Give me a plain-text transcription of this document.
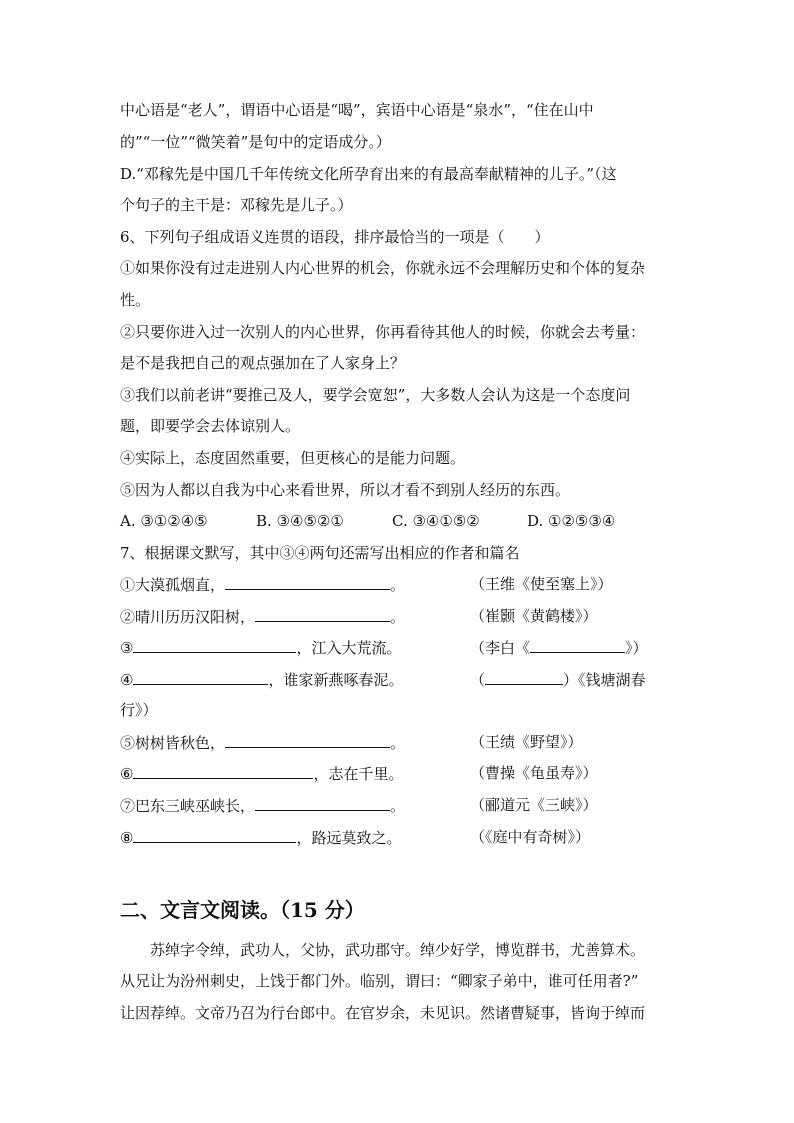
中心语是“老人”，谓语中心语是“喝”，宾语中心语是“泉水”，“住在山中
的”“一位”“微笑着”是句中的定语成分。）
D.“邓稼先是中国几千年传统文化所孕育出来的有最高奉献精神的儿子。”（这
个句子的主干是：邓稼先是儿子。）
6、下列句子组成语义连贯的语段，排序最恰当的一项是（　　）
①如果你没有过走进别人内心世界的机会，你就永远不会理解历史和个体的复杂
性。
②只要你进入过一次别人的内心世界，你再看待其他人的时候，你就会去考量：
是不是我把自己的观点强加在了人家身上？
③我们以前老讲“要推己及人，要学会宽恕”，大多数人会认为这是一个态度问
题，即要学会去体谅别人。
④实际上，态度固然重要，但更核心的是能力问题。
⑤因为人都以自我为中心来看世界，所以才看不到别人经历的东西。
A. ③①②④⑤	B. ③④⑤②①	C. ③④①⑤②	D. ①②⑤③④
7、根据课文默写，其中③④两句还需写出相应的作者和篇名
①大漠孤烟直，	。	（王维《使至塞上》）
②晴川历历汉阳树，	。	（崔颢《黄鹤楼》）
③	，江入大荒流。	（李白《	》）
④	，谁家新燕啄春泥。	（	）《钱塘湖春
行》）
⑤树树皆秋色，	。	（王绩《野望》）
⑥	，志在千里。	（曹操《龟虽寿》）
⑦巴东三峡巫峡长，	。	（郦道元《三峡》）
⑧	，路远莫致之。	（《庭中有奇树》）
二、文言文阅读。（15 分）
苏绰字令绰，武功人，父协，武功郡守。绰少好学，博览群书，尤善算术。
从兄让为汾州刺史，上饯于都门外。临别，谓曰：“卿家子弟中，谁可任用者?”
让因荐绰。文帝乃召为行台郎中。在官岁余，未见识。然诸曹疑事，皆询于绰而
